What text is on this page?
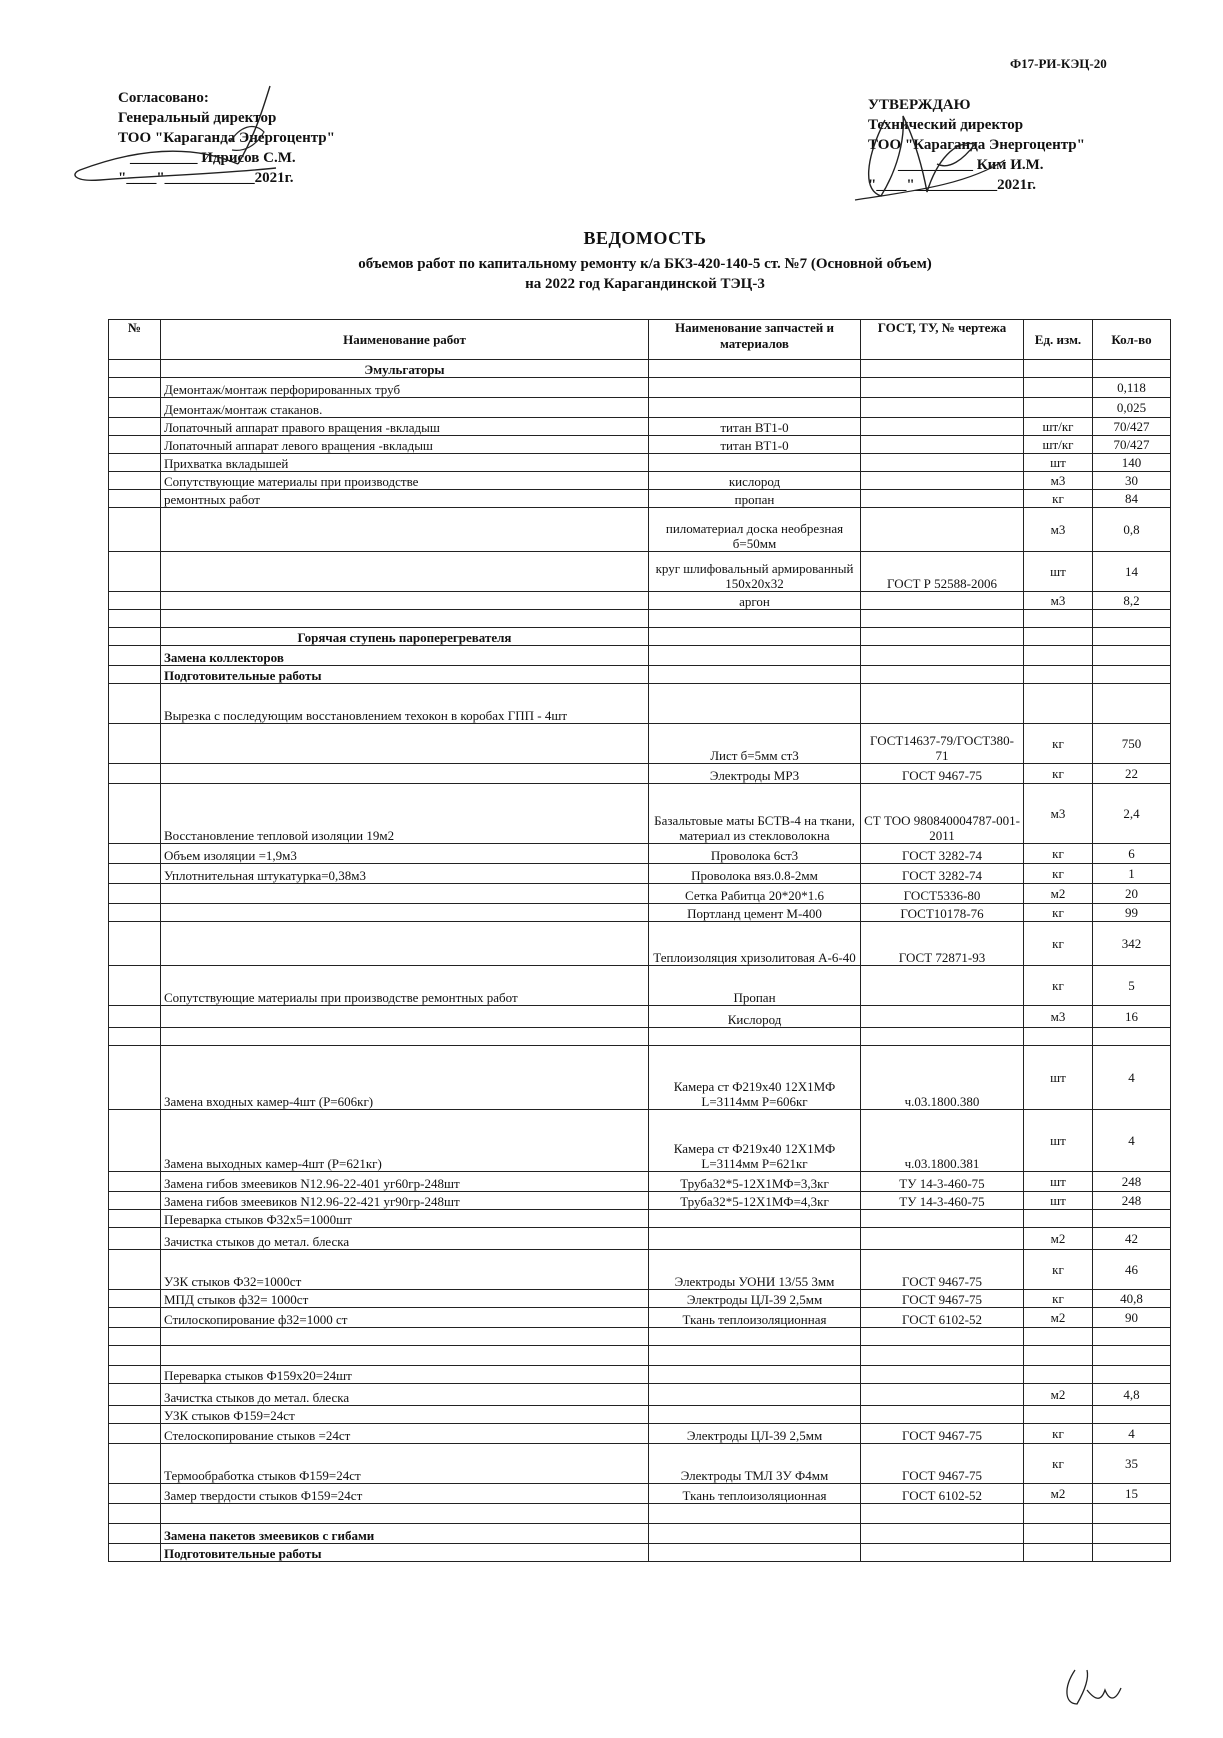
Ф17-РИ-КЭЦ-20
Согласовано:
Генеральный директор
ТОО "Караганда Энергоцентр"
_________ Идрисов С.М.
"____"____________2021г.
УТВЕРЖДАЮ
Технический директор
ТОО "Караганда Энергоцентр"
__________ Ким И.М.
"____"___________2021г.
ВЕДОМОСТЬ
объемов работ по капитальному ремонту к/а БКЗ-420-140-5 ст. №7 (Основной объем)
на 2022 год Карагандинской ТЭЦ-3
№	Наименование работ	Наименование запчастей и материалов	ГОСТ, ТУ, № чертежа	Ед. изм.	Кол-во
	Эмульгаторы				
	Демонтаж/монтаж перфорированных труб				0,118
	Демонтаж/монтаж стаканов.				0,025
	Лопаточный аппарат правого вращения -вкладыш	титан ВТ1-0		шт/кг	70/427
	Лопаточный аппарат левого вращения -вкладыш	титан ВТ1-0		шт/кг	70/427
	Прихватка вкладышей			шт	140
	Сопутствующие материалы при производстве	кислород		м3	30
	ремонтных работ	пропан		кг	84
		пиломатериал доска необрезная б=50мм		м3	0,8
		круг шлифовальный армированный 150х20х32	ГОСТ Р 52588-2006	шт	14
		аргон		м3	8,2

	Горячая ступень пароперегревателя				
	Замена коллекторов				
	Подготовительные работы				
	Вырезка с последующим восстановлением техокон в коробах ГПП - 4шт				
		Лист б=5мм ст3	ГОСТ14637-79/ГОСТ380-71	кг	750
		Электроды МР3	ГОСТ 9467-75	кг	22
	Восстановление тепловой изоляции 19м2	Базальтовые маты БСТВ-4 на ткани, материал из стекловолокна	СТ ТОО 980840004787-001-2011	м3	2,4
	Объем изоляции =1,9м3	Проволока 6ст3	ГОСТ 3282-74	кг	6
	Уплотнительная штукатурка=0,38м3	Проволока вяз.0.8-2мм	ГОСТ 3282-74	кг	1
		Сетка Рабитца 20*20*1.6	ГОСТ5336-80	м2	20
		Портланд цемент М-400	ГОСТ10178-76	кг	99
		Теплоизоляция хризолитовая А-6-40	ГОСТ 72871-93	кг	342
	Сопутствующие материалы при производстве ремонтных работ	Пропан		кг	5
		Кислород		м3	16

	Замена входных камер-4шт (Р=606кг)	Камера ст Ф219х40 12Х1МФ L=3114мм Р=606кг	ч.03.1800.380	шт	4
	Замена выходных камер-4шт (Р=621кг)	Камера ст Ф219х40 12Х1МФ L=3114мм Р=621кг	ч.03.1800.381	шт	4
	Замена гибов змеевиков N12.96-22-401 уг60гр-248шт	Труба32*5-12Х1МФ=3,3кг	ТУ 14-3-460-75	шт	248
	Замена гибов змеевиков N12.96-22-421 уг90гр-248шт	Труба32*5-12Х1МФ=4,3кг	ТУ 14-3-460-75	шт	248
	Переварка стыков Ф32х5=1000шт				
	Зачистка стыков до метал. блеска			м2	42
	УЗК стыков Ф32=1000ст	Электроды УОНИ 13/55 3мм	ГОСТ 9467-75	кг	46
	МПД стыков ф32= 1000ст	Электроды ЦЛ-39 2,5мм	ГОСТ 9467-75	кг	40,8
	Стилоскопирование ф32=1000 ст	Ткань теплоизоляционная	ГОСТ 6102-52	м2	90

	Переварка стыков Ф159х20=24шт				
	Зачистка стыков до метал. блеска			м2	4,8
	УЗК стыков Ф159=24ст				
	Стелоскопирование стыков =24ст	Электроды ЦЛ-39 2,5мм	ГОСТ 9467-75	кг	4
	Термообработка стыков Ф159=24ст	Электроды ТМЛ 3У Ф4мм	ГОСТ 9467-75	кг	35
	Замер твердости стыков Ф159=24ст	Ткань теплоизоляционная	ГОСТ 6102-52	м2	15

	Замена пакетов змеевиков с гибами				
	Подготовительные работы				
